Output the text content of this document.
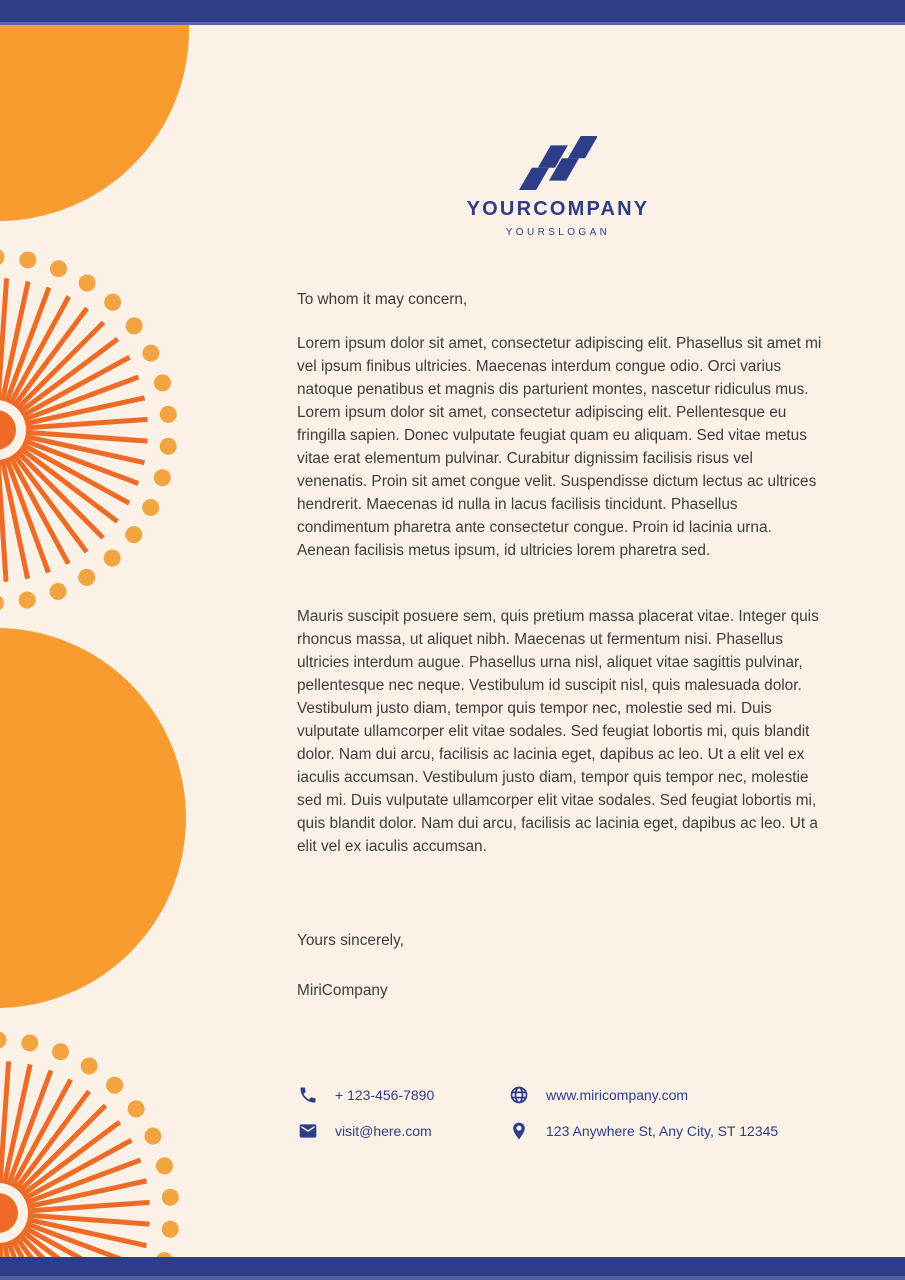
YOURCOMPANY
YOURSLOGAN

To whom it may concern,

Lorem ipsum dolor sit amet, consectetur adipiscing elit. Phasellus sit amet mi vel ipsum finibus ultricies. Maecenas interdum congue odio. Orci varius natoque penatibus et magnis dis parturient montes, nascetur ridiculus mus. Lorem ipsum dolor sit amet, consectetur adipiscing elit. Pellentesque eu fringilla sapien. Donec vulputate feugiat quam eu aliquam. Sed vitae metus vitae erat elementum pulvinar. Curabitur dignissim facilisis risus vel venenatis. Proin sit amet congue velit. Suspendisse dictum lectus ac ultrices hendrerit. Maecenas id nulla in lacus facilisis tincidunt. Phasellus condimentum pharetra ante consectetur congue. Proin id lacinia urna. Aenean facilisis metus ipsum, id ultricies lorem pharetra sed.

Mauris suscipit posuere sem, quis pretium massa placerat vitae. Integer quis rhoncus massa, ut aliquet nibh. Maecenas ut fermentum nisi. Phasellus ultricies interdum augue. Phasellus urna nisl, aliquet vitae sagittis pulvinar, pellentesque nec neque. Vestibulum id suscipit nisl, quis malesuada dolor. Vestibulum justo diam, tempor quis tempor nec, molestie sed mi. Duis vulputate ullamcorper elit vitae sodales. Sed feugiat lobortis mi, quis blandit dolor. Nam dui arcu, facilisis ac lacinia eget, dapibus ac leo. Ut a elit vel ex iaculis accumsan. Vestibulum justo diam, tempor quis tempor nec, molestie sed mi. Duis vulputate ullamcorper elit vitae sodales. Sed feugiat lobortis mi, quis blandit dolor. Nam dui arcu, facilisis ac lacinia eget, dapibus ac leo. Ut a elit vel ex iaculis accumsan.

Yours sincerely,

MiriCompany

+ 123-456-7890	www.miricompany.com
visit@here.com	123 Anywhere St, Any City, ST 12345
